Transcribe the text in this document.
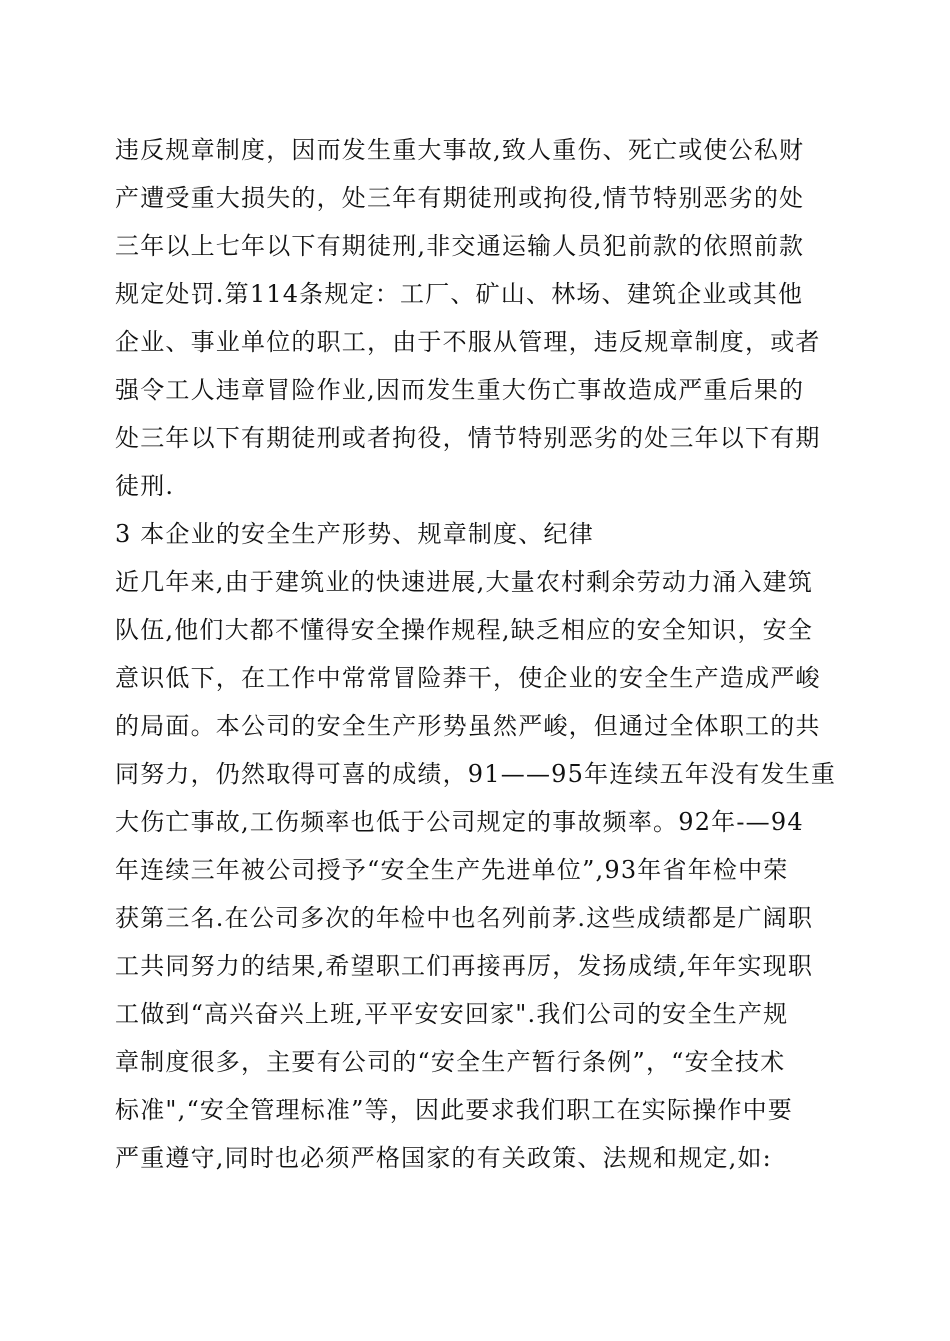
违反规章制度，因而发生重大事故,致人重伤、死亡或使公私财
产遭受重大损失的，处三年有期徒刑或拘役,情节特别恶劣的处
三年以上七年以下有期徒刑,非交通运输人员犯前款的依照前款
规定处罚.第114条规定：工厂、矿山、林场、建筑企业或其他
企业、事业单位的职工，由于不服从管理，违反规章制度，或者
强令工人违章冒险作业,因而发生重大伤亡事故造成严重后果的
处三年以下有期徒刑或者拘役，情节特别恶劣的处三年以下有期
徒刑.
3 本企业的安全生产形势、规章制度、纪律
近几年来,由于建筑业的快速进展,大量农村剩余劳动力涌入建筑
队伍,他们大都不懂得安全操作规程,缺乏相应的安全知识，安全
意识低下，在工作中常常冒险莽干，使企业的安全生产造成严峻
的局面。本公司的安全生产形势虽然严峻，但通过全体职工的共
同努力，仍然取得可喜的成绩，91——95年连续五年没有发生重
大伤亡事故,工伤频率也低于公司规定的事故频率。92年-—94
年连续三年被公司授予“安全生产先进单位”,93年省年检中荣
获第三名.在公司多次的年检中也名列前茅.这些成绩都是广阔职
工共同努力的结果,希望职工们再接再厉，发扬成绩,年年实现职
工做到“高兴奋兴上班,平平安安回家".我们公司的安全生产规
章制度很多，主要有公司的“安全生产暂行条例”，“安全技术
标准",“安全管理标准”等，因此要求我们职工在实际操作中要
严重遵守,同时也必须严格国家的有关政策、法规和规定,如:
